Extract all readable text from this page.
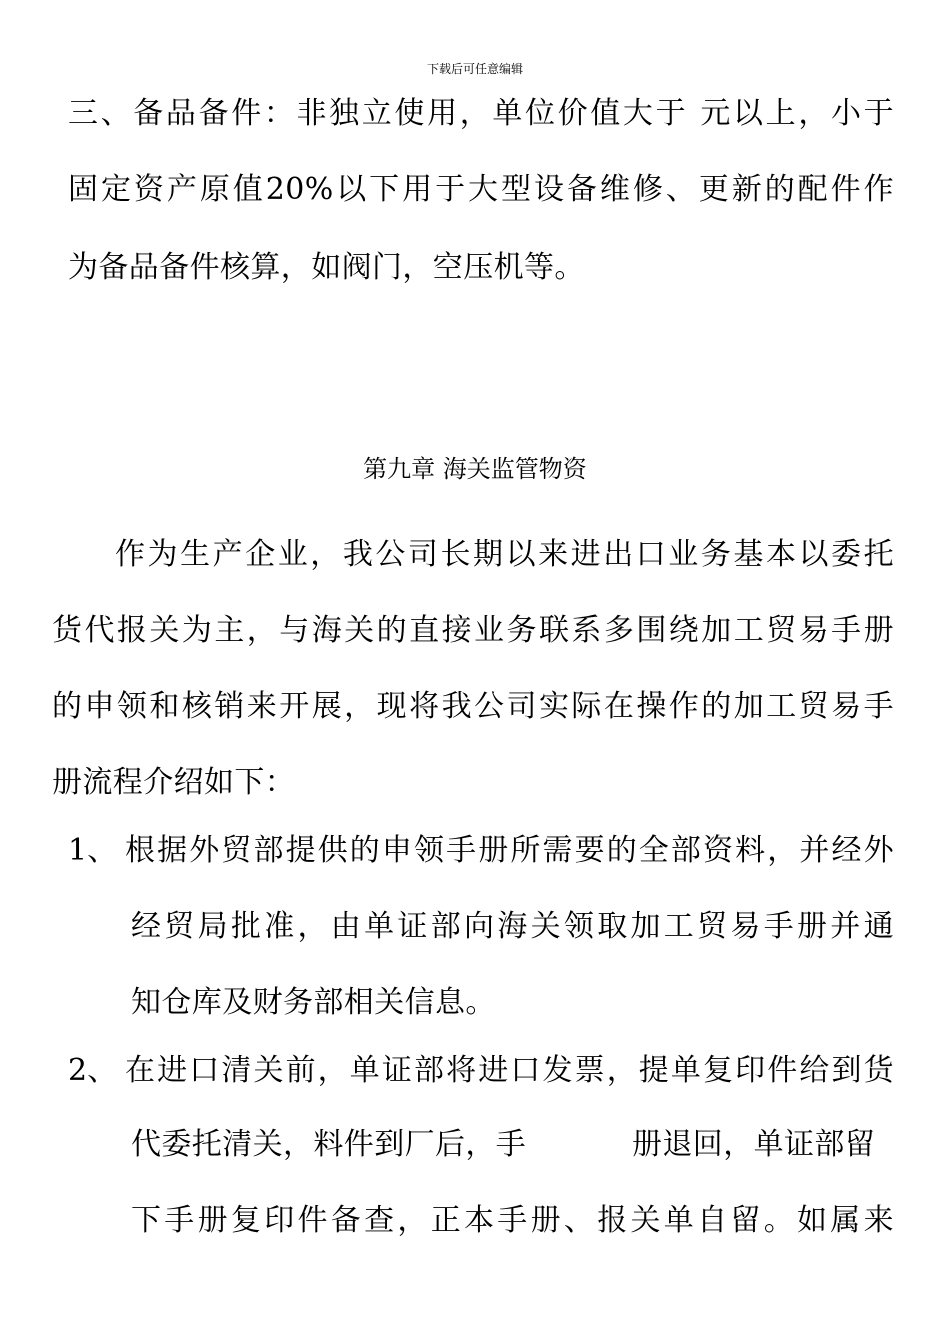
下载后可任意编辑
三、备品备件：非独立使用，单位价值大于 元以上，小于
固定资产原值20%以下用于大型设备维修、更新的配件作
为备品备件核算，如阀门，空压机等。
第九章 海关监管物资
作为生产企业，我公司长期以来进出口业务基本以委托
货代报关为主，与海关的直接业务联系多围绕加工贸易手册
的申领和核销来开展，现将我公司实际在操作的加工贸易手
册流程介绍如下：
1、 根据外贸部提供的申领手册所需要的全部资料，并经外
经贸局批准，由单证部向海关领取加工贸易手册并通
知仓库及财务部相关信息。
2、 在进口清关前，单证部将进口发票，提单复印件给到货
代委托清关，料件到厂后，手	册退回，单证部留
下手册复印件备查，正本手册、报关单自留。如属来
